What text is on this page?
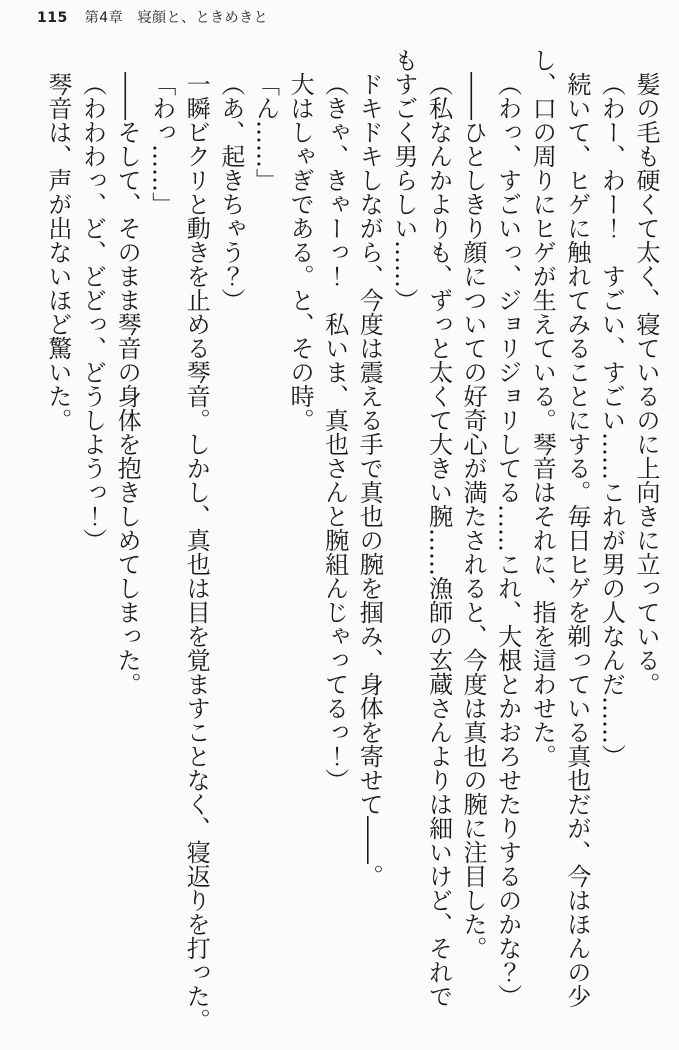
115 第4章　寝顔と、ときめきと

髪の毛も硬くて太く、寝ているのに上向きに立っている。

（わー、わー！　すごい、すごい……これが男の人なんだ……）

続いて、ヒゲに触れてみることにする。毎日ヒゲを剃っている真也だが、今はほんの少

し、口の周りにヒゲが生えている。琴音はそれに、指を這わせた。

（わっ、すごいっ、ジョリジョリしてる……これ、大根とかおろせたりするのかな？）

――ひとしきり顔についての好奇心が満たされると、今度は真也の腕に注目した。

（私なんかよりも、ずっと太くて大きい腕……漁師の玄蔵さんよりは細いけど、それで

もすごく男らしい……）

ドキドキしながら、今度は震える手で真也の腕を掴み、身体を寄せて――。

（きゃ、きゃーっ！　私いま、真也さんと腕組んじゃってるっ！）

大はしゃぎである。と、その時。

「ん……」

（あ、起きちゃう？）

一瞬ビクリと動きを止める琴音。しかし、真也は目を覚ますことなく、寝返りを打った。

「わっ……」

――そして、そのまま琴音の身体を抱きしめてしまった。

（わわわっ、ど、どどっ、どうしようっ！）

琴音は、声が出ないほど驚いた。
